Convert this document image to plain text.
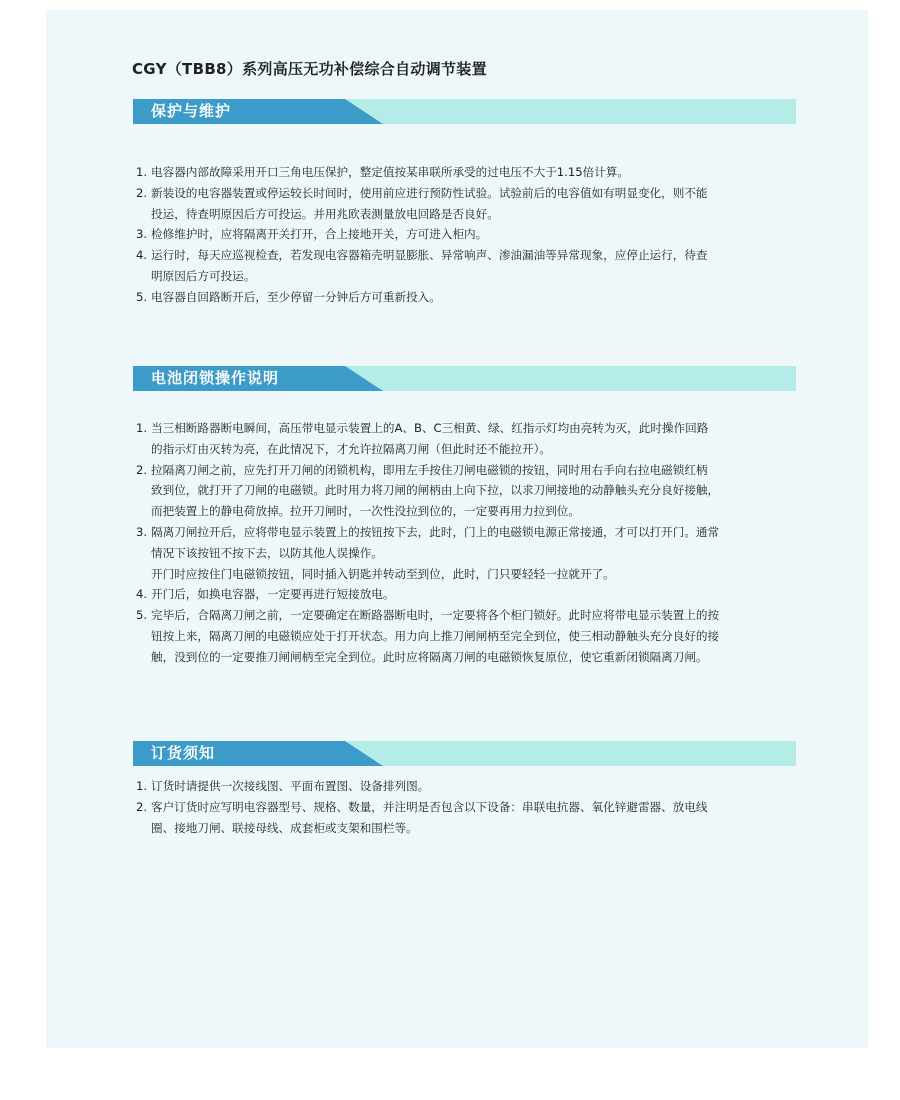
CGY（TBB8）系列高压无功补偿综合自动调节装置
保护与维护
1. 电容器内部故障采用开口三角电压保护，整定值按某串联所承受的过电压不大于1.15倍计算。
2. 新装设的电容器装置或停运较长时间时，使用前应进行预防性试验。试验前后的电容值如有明显变化，则不能
投运，待查明原因后方可投运。并用兆欧表测量放电回路是否良好。
3. 检修维护时，应将隔离开关打开，合上接地开关，方可进入柜内。
4. 运行时，每天应巡视检查，若发现电容器箱壳明显膨胀、异常响声、渗油漏油等异常现象，应停止运行，待查
明原因后方可投运。
5. 电容器自回路断开后，至少停留一分钟后方可重新投入。
电池闭锁操作说明
1. 当三相断路器断电瞬间，高压带电显示装置上的A、B、C三相黄、绿、红指示灯均由亮转为灭，此时操作回路
的指示灯由灭转为亮，在此情况下，才允许拉隔离刀闸（但此时还不能拉开）。
2. 拉隔离刀闸之前，应先打开刀闸的闭锁机构，即用左手按住刀闸电磁锁的按钮，同时用右手向右拉电磁锁红柄
致到位，就打开了刀闸的电磁锁。此时用力将刀闸的闸柄由上向下拉，以求刀闸接地的动静触头充分良好接触，
而把装置上的静电荷放掉。拉开刀闸时，一次性没拉到位的，一定要再用力拉到位。
3. 隔离刀闸拉开后，应将带电显示装置上的按钮按下去，此时，门上的电磁锁电源正常接通，才可以打开门。通常
情况下该按钮不按下去，以防其他人误操作。
开门时应按住门电磁锁按钮，同时插入钥匙并转动至到位，此时，门只要轻轻一拉就开了。
4. 开门后，如换电容器，一定要再进行短接放电。
5. 完毕后，合隔离刀闸之前，一定要确定在断路器断电时，一定要将各个柜门锁好。此时应将带电显示装置上的按
钮按上来，隔离刀闸的电磁锁应处于打开状态。用力向上推刀闸闸柄至完全到位，使三相动静触头充分良好的接
触，没到位的一定要推刀闸闸柄至完全到位。此时应将隔离刀闸的电磁锁恢复原位，使它重新闭锁隔离刀闸。
订货须知
1. 订货时请提供一次接线图、平面布置图、设备排列图。
2. 客户订货时应写明电容器型号、规格、数量，并注明是否包含以下设备：串联电抗器、氧化锌避雷器、放电线
圈、接地刀闸、联接母线、成套柜或支架和围栏等。
